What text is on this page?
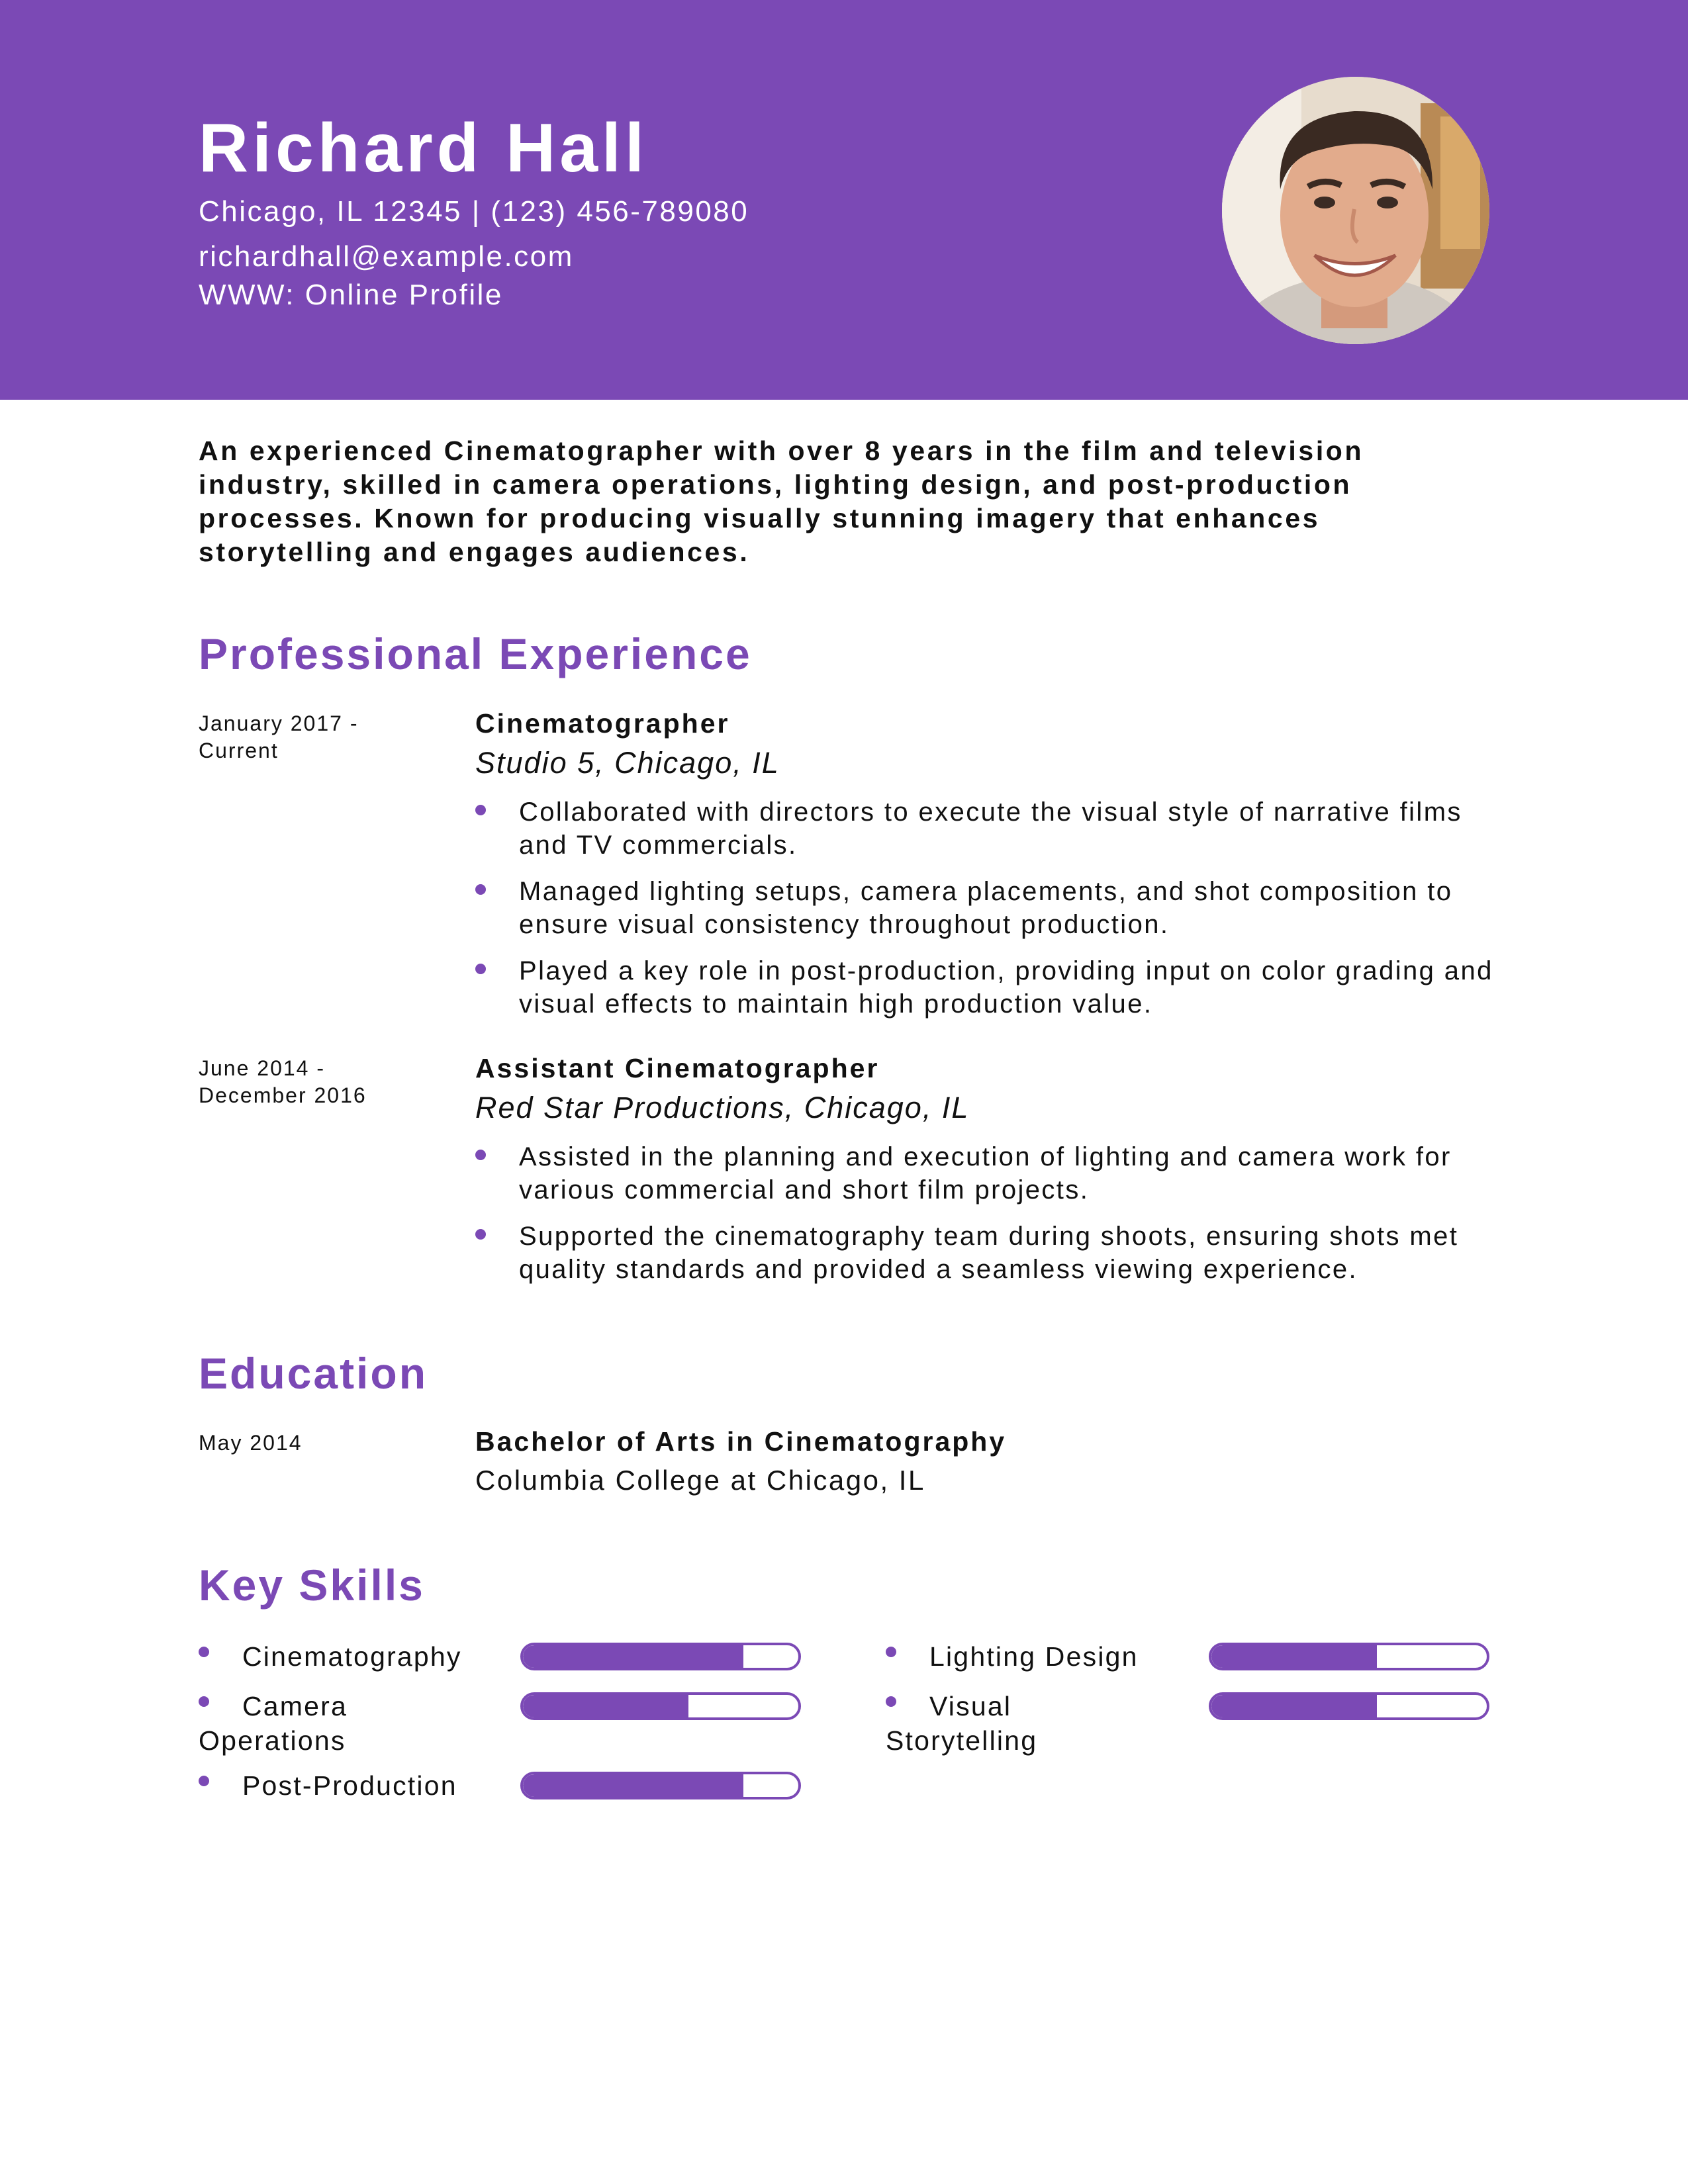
Richard Hall
Chicago, IL 12345 | (123) 456-789080
richardhall@example.com
WWW: Online Profile
An experienced Cinematographer with over 8 years in the film and television industry, skilled in camera operations, lighting design, and post-production processes. Known for producing visually stunning imagery that enhances storytelling and engages audiences.
Professional Experience
January 2017 - Current
Cinematographer
Studio 5, Chicago, IL
Collaborated with directors to execute the visual style of narrative films and TV commercials.
Managed lighting setups, camera placements, and shot composition to ensure visual consistency throughout production.
Played a key role in post-production, providing input on color grading and visual effects to maintain high production value.
June 2014 - December 2016
Assistant Cinematographer
Red Star Productions, Chicago, IL
Assisted in the planning and execution of lighting and camera work for various commercial and short film projects.
Supported the cinematography team during shoots, ensuring shots met quality standards and provided a seamless viewing experience.
Education
May 2014	Bachelor of Arts in Cinematography
Columbia College at Chicago, IL
Key Skills
Cinematography
Camera Operations
Post-Production
Lighting Design
Visual Storytelling
